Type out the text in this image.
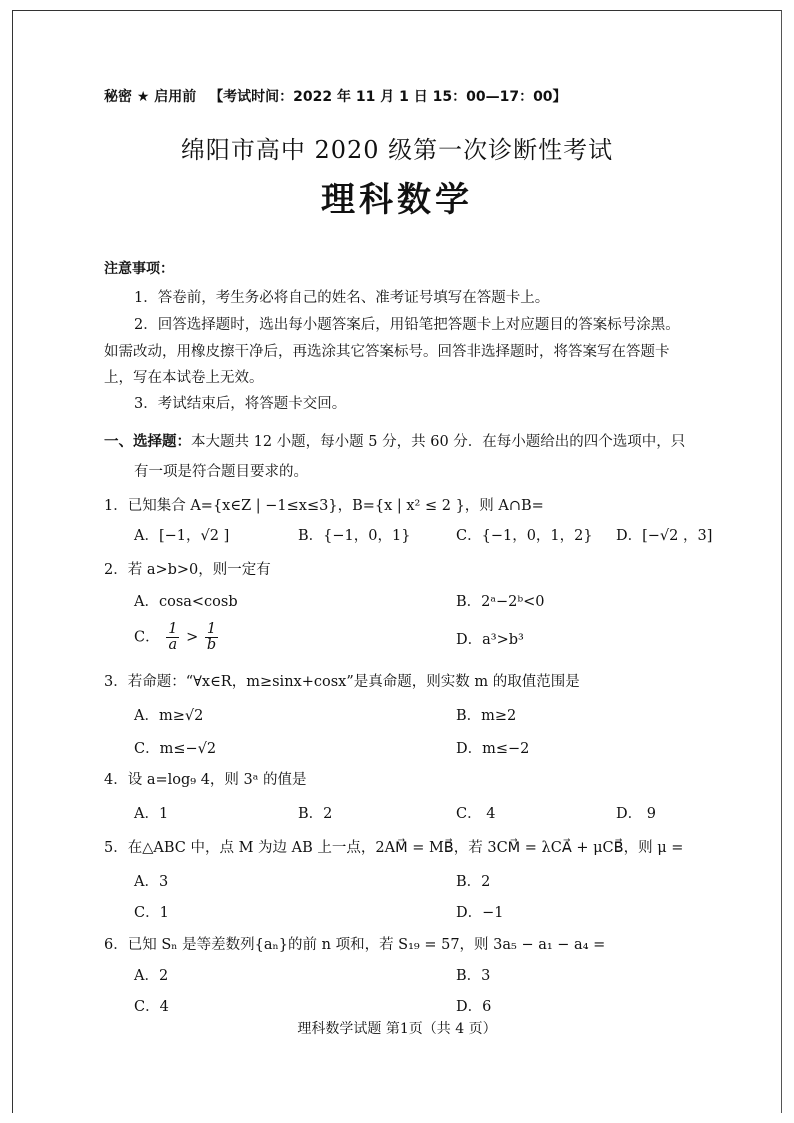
秘密 ★ 启用前 【考试时间：2022 年 11 月 1 日 15：00—17：00】
绵阳市高中 2020 级第一次诊断性考试
理科数学
注意事项：
1．答卷前，考生务必将自己的姓名、准考证号填写在答题卡上。
2．回答选择题时，选出每小题答案后，用铅笔把答题卡上对应题目的答案标号涂黑。
如需改动，用橡皮擦干净后，再选涂其它答案标号。回答非选择题时，将答案写在答题卡
上，写在本试卷上无效。
3．考试结束后，将答题卡交回。
一、选择题：本大题共 12 小题，每小题 5 分，共 60 分．在每小题给出的四个选项中，只
有一项是符合题目要求的。
1．已知集合 A={x∈Z | −1≤x≤3}，B={x | x² ≤ 2 }，则 A∩B=
A．[−1，√2 ]	B．{−1，0，1}	C．{−1，0，1，2} D．[−√2 ，3]
2．若 a>b>0，则一定有
A．cosa<cosb	B．2ᵃ−2ᵇ<0
C． $\frac{1}{a} > \frac{1}{b}$	D．a³>b³
3．若命题：“∀x∈R，m≥sinx+cosx”是真命题，则实数 m 的取值范围是
A．m≥√2	B．m≥2
C．m≤−√2	D．m≤−2
4．设 a=log₉ 4，则 3ᵃ 的值是
A．1	B．2	C． 4	D． 9
5．在△ABC 中，点 M 为边 AB 上一点，2AM⃗ = MB⃗，若 3CM⃗ = λCA⃗ + μCB⃗，则 μ =
A．3	B．2
C．1	D．−1
6．已知 Sₙ 是等差数列{aₙ}的前 n 项和，若 S₁₉ = 57，则 3a₅ − a₁ − a₄ =
A．2	B．3
C．4	D．6
理科数学试题 第1页（共 4 页）
